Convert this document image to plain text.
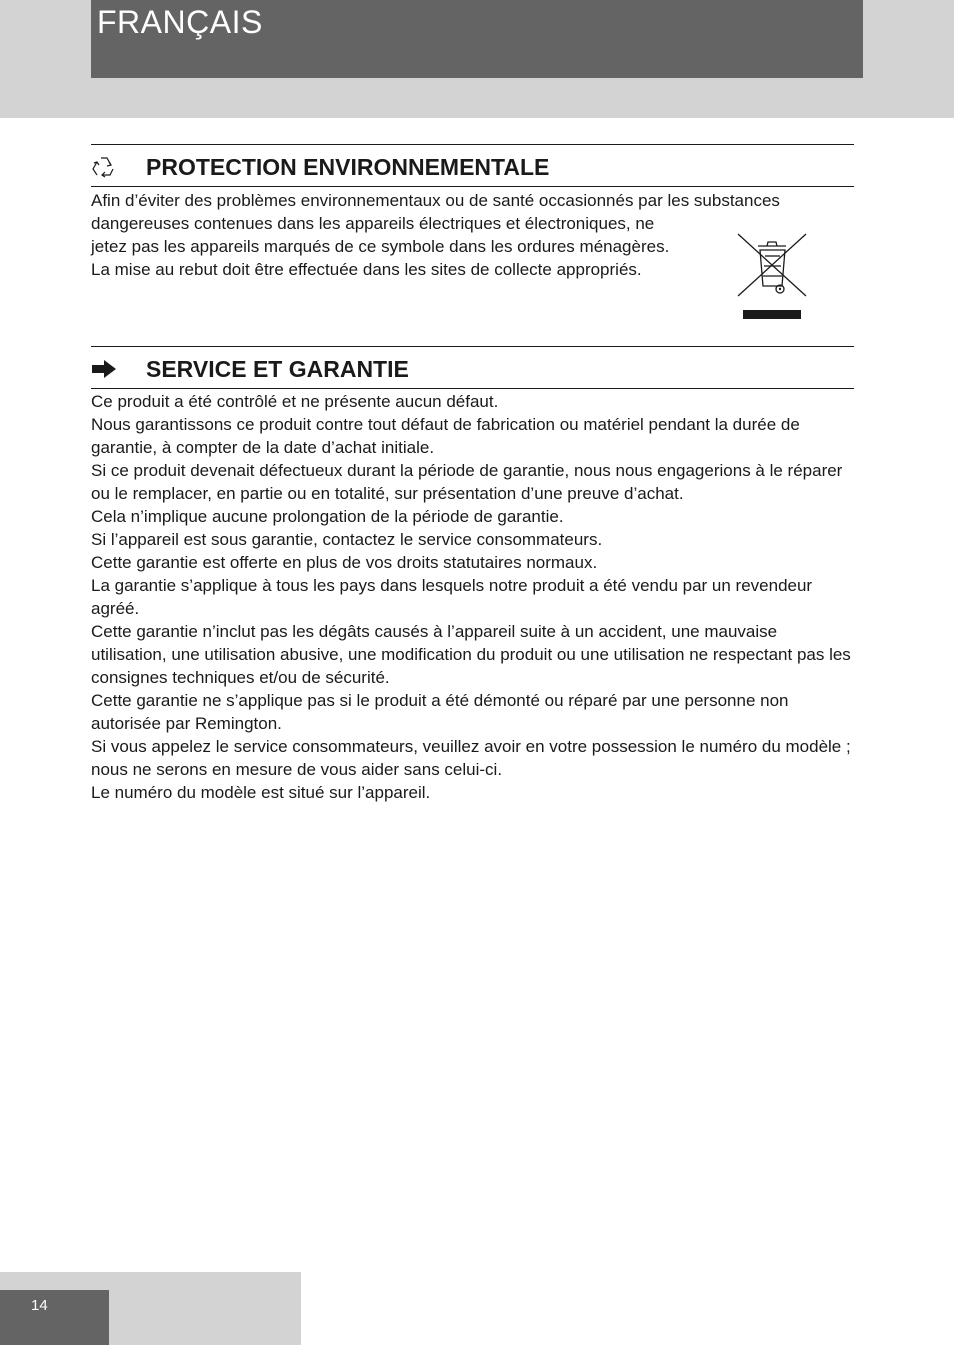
FRANÇAIS
PROTECTION ENVIRONNEMENTALE

Afin d’éviter des problèmes environnementaux ou de santé occasionnés par les substances

dangereuses contenues dans les appareils électriques et électroniques, ne jetez pas les appareils marqués de ce symbole dans les ordures ménagères. La mise au rebut doit être effectuée dans les sites de collecte appropriés.

SERVICE ET GARANTIE

Ce produit a été contrôlé et ne présente aucun défaut.

Nous garantissons ce produit contre tout défaut de fabrication ou matériel pendant la durée de garantie, à compter de la date d’achat initiale.

Si ce produit devenait défectueux durant la période de garantie, nous nous engagerions à le réparer ou le remplacer, en partie ou en totalité, sur présentation d’une preuve d’achat.

Cela n’implique aucune prolongation de la période de garantie.

Si l’appareil est sous garantie, contactez le service consommateurs.

Cette garantie est offerte en plus de vos droits statutaires normaux.

La garantie s’applique à tous les pays dans lesquels notre produit a été vendu par un revendeur agréé.

Cette garantie n’inclut pas les dégâts causés à l’appareil suite à un accident, une mauvaise utilisation, une utilisation abusive, une modification du produit ou une utilisation ne respectant pas les consignes techniques et/ou de sécurité.

Cette garantie ne s’applique pas si le produit a été démonté ou réparé par une personne non autorisée par Remington.

Si vous appelez le service consommateurs, veuillez avoir en votre possession le numéro du modèle ; nous ne serons en mesure de vous aider sans celui-ci.

Le numéro du modèle est situé sur l’appareil.

14
